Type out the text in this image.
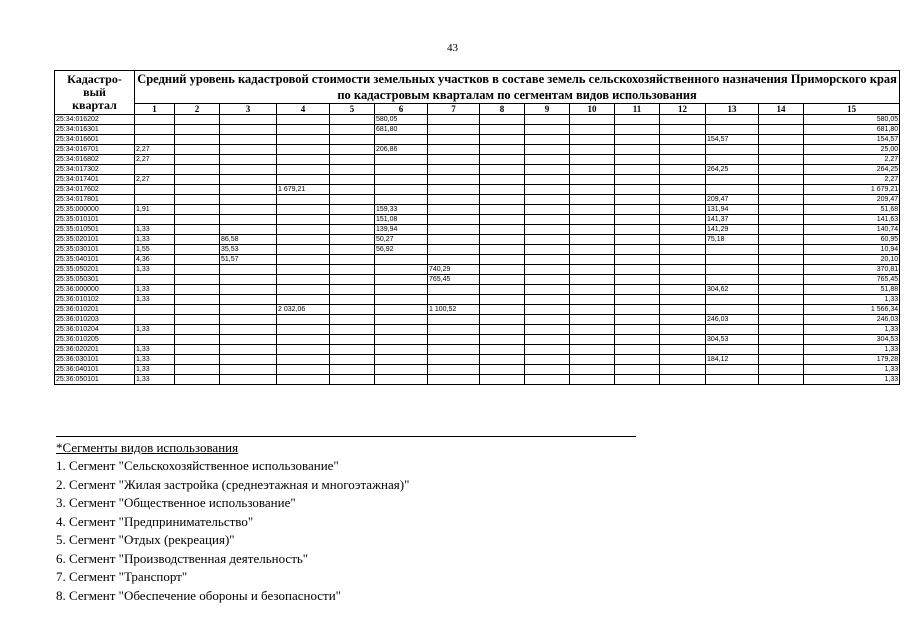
43
Кадастро-
вый
квартал	Средний уровень кадастровой стоимости земельных участков в составе земель сельскохозяйственного назначения Приморского края по кадастровым кварталам по сегментам видов использования														
	1	2	3	4	5	6	7	8	9	10	11	12	13	14	15
25:34:016202						580,05									580,05
25:34:016301						681,80									681,80
25:34:016601													154,57		154,57
25:34:016701	2,27					206,86									25,00
25:34:016802	2,27														2,27
25:34:017302													264,25		264,25
25:34:017401	2,27														2,27
25:34:017602				1 679,21											1 679,21
25:34:017801													209,47		209,47
25:35:000000	1,91					159,33							131,94		51,68
25:35:010101						151,08							141,37		141,63
25:35:010501	1,33					139,94							141,29		140,74
25:35:020101	1,33		86,58			50,27							75,18		60,95
25:35:030101	1,55		35,53			56,92									10,94
25:35:040101	4,36		51,57												20,10
25:35:050201	1,33						740,29								370,81
25:35:050301							765,45								765,45
25:36:000000	1,33												304,62		51,88
25:36:010102	1,33														1,33
25:36:010201				2 032,06			1 100,52								1 566,34
25:36:010203													246,03		246,03
25:36:010204	1,33														1,33
25:36:010205													304,53		304,53
25:36:020201	1,33														1,33
25:36:030101	1,33												184,12		179,28
25:36:040101	1,33														1,33
25:36:050101	1,33														1,33
*Сегменты видов использования
1. Сегмент "Сельскохозяйственное использование"
2. Сегмент "Жилая застройка (среднеэтажная и многоэтажная)"
3. Сегмент "Общественное использование"
4. Сегмент "Предпринимательство"
5. Сегмент "Отдых (рекреация)"
6. Сегмент "Производственная деятельность"
7. Сегмент "Транспорт"
8. Сегмент "Обеспечение обороны и безопасности"
